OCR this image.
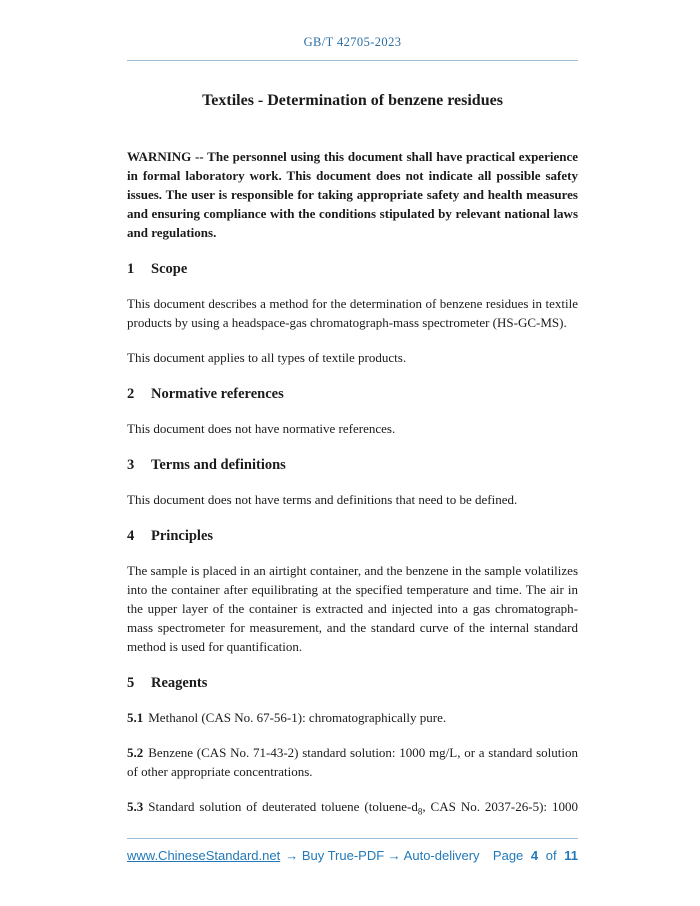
GB/T 42705-2023
Textiles - Determination of benzene residues

WARNING -- The personnel using this document shall have practical experience in formal laboratory work. This document does not indicate all possible safety issues. The user is responsible for taking appropriate safety and health measures and ensuring compliance with the conditions stipulated by relevant national laws and regulations.

1 Scope

This document describes a method for the determination of benzene residues in textile products by using a headspace-gas chromatograph-mass spectrometer (HS-GC-MS).

This document applies to all types of textile products.

2 Normative references

This document does not have normative references.

3 Terms and definitions

This document does not have terms and definitions that need to be defined.

4 Principles

The sample is placed in an airtight container, and the benzene in the sample volatilizes into the container after equilibrating at the specified temperature and time. The air in the upper layer of the container is extracted and injected into a gas chromatograph-mass spectrometer for measurement, and the standard curve of the internal standard method is used for quantification.

5 Reagents

5.1 Methanol (CAS No. 67-56-1): chromatographically pure.

5.2 Benzene (CAS No. 71-43-2) standard solution: 1000 mg/L, or a standard solution of other appropriate concentrations.

5.3 Standard solution of deuterated toluene ($toluene-d_8$, CAS No. 2037-26-5): 1000

www.ChineseStandard.net → Buy True-PDF → Auto-delivery Page 4 of 11
